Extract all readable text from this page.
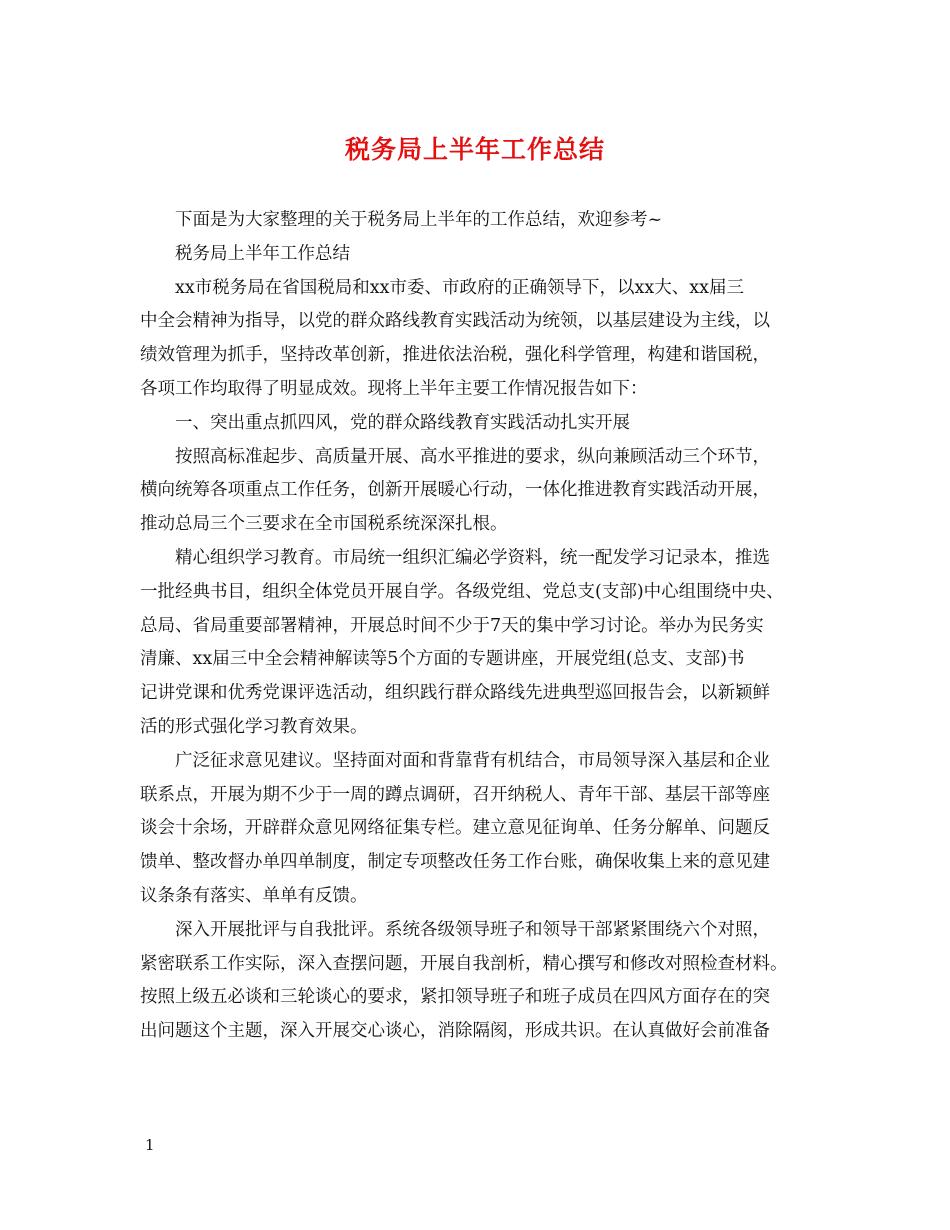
税务局上半年工作总结

　　下面是为大家整理的关于税务局上半年的工作总结，欢迎参考~

　　税务局上半年工作总结

　　xx市税务局在省国税局和xx市委、市政府的正确领导下，以xx大、xx届三

中全会精神为指导，以党的群众路线教育实践活动为统领，以基层建设为主线，以

绩效管理为抓手，坚持改革创新，推进依法治税，强化科学管理，构建和谐国税，

各项工作均取得了明显成效。现将上半年主要工作情况报告如下：

　　一、突出重点抓四风，党的群众路线教育实践活动扎实开展

　　按照高标准起步、高质量开展、高水平推进的要求，纵向兼顾活动三个环节，

横向统筹各项重点工作任务，创新开展暖心行动，一体化推进教育实践活动开展，

推动总局三个三要求在全市国税系统深深扎根。

　　精心组织学习教育。市局统一组织汇编必学资料，统一配发学习记录本，推选

一批经典书目，组织全体党员开展自学。各级党组、党总支(支部)中心组围绕中央、

总局、省局重要部署精神，开展总时间不少于7天的集中学习讨论。举办为民务实

清廉、xx届三中全会精神解读等5个方面的专题讲座，开展党组(总支、支部)书

记讲党课和优秀党课评选活动，组织践行群众路线先进典型巡回报告会，以新颖鲜

活的形式强化学习教育效果。

　　广泛征求意见建议。坚持面对面和背靠背有机结合，市局领导深入基层和企业

联系点，开展为期不少于一周的蹲点调研，召开纳税人、青年干部、基层干部等座

谈会十余场，开辟群众意见网络征集专栏。建立意见征询单、任务分解单、问题反

馈单、整改督办单四单制度，制定专项整改任务工作台账，确保收集上来的意见建

议条条有落实、单单有反馈。

　　深入开展批评与自我批评。系统各级领导班子和领导干部紧紧围绕六个对照，

紧密联系工作实际，深入查摆问题，开展自我剖析，精心撰写和修改对照检查材料。

按照上级五必谈和三轮谈心的要求，紧扣领导班子和班子成员在四风方面存在的突

出问题这个主题，深入开展交心谈心，消除隔阂，形成共识。在认真做好会前准备

1
